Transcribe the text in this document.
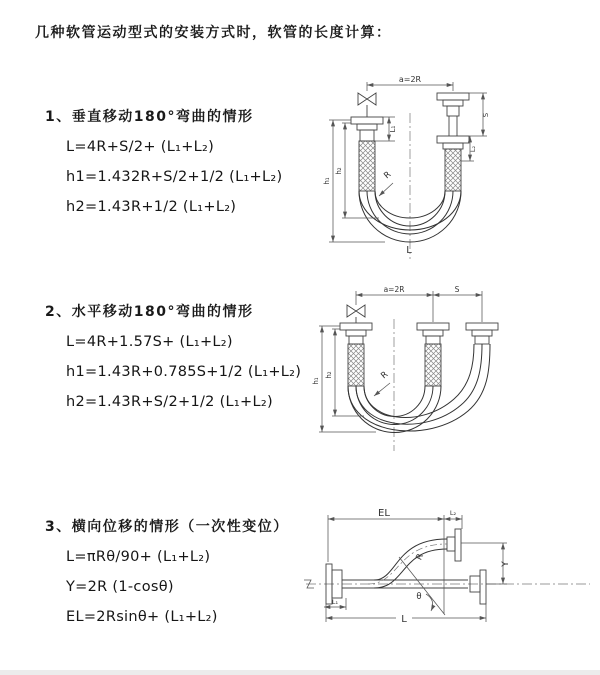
几种软管运动型式的安装方式时，软管的长度计算：
1、垂直移动180°弯曲的情形
L=4R+S/2+ (L₁+L₂)
h1=1.432R+S/2+1/2 (L₁+L₂)
h2=1.43R+1/2 (L₁+L₂)
2、水平移动180°弯曲的情形
L=4R+1.57S+ (L₁+L₂)
h1=1.43R+0.785S+1/2 (L₁+L₂)
h2=1.43R+S/2+1/2 (L₁+L₂)
3、横向位移的情形（一次性变位）
L=πRθ/90+ (L₁+L₂)
Y=2R (1-cosθ)
EL=2Rsinθ+ (L₁+L₂)
a=2R
L₁
h₁
h₂
S
L₂
R
L
a=2R	S
h₁
h₂	R
EL	L₂
R
θ
Y
L
L₁
